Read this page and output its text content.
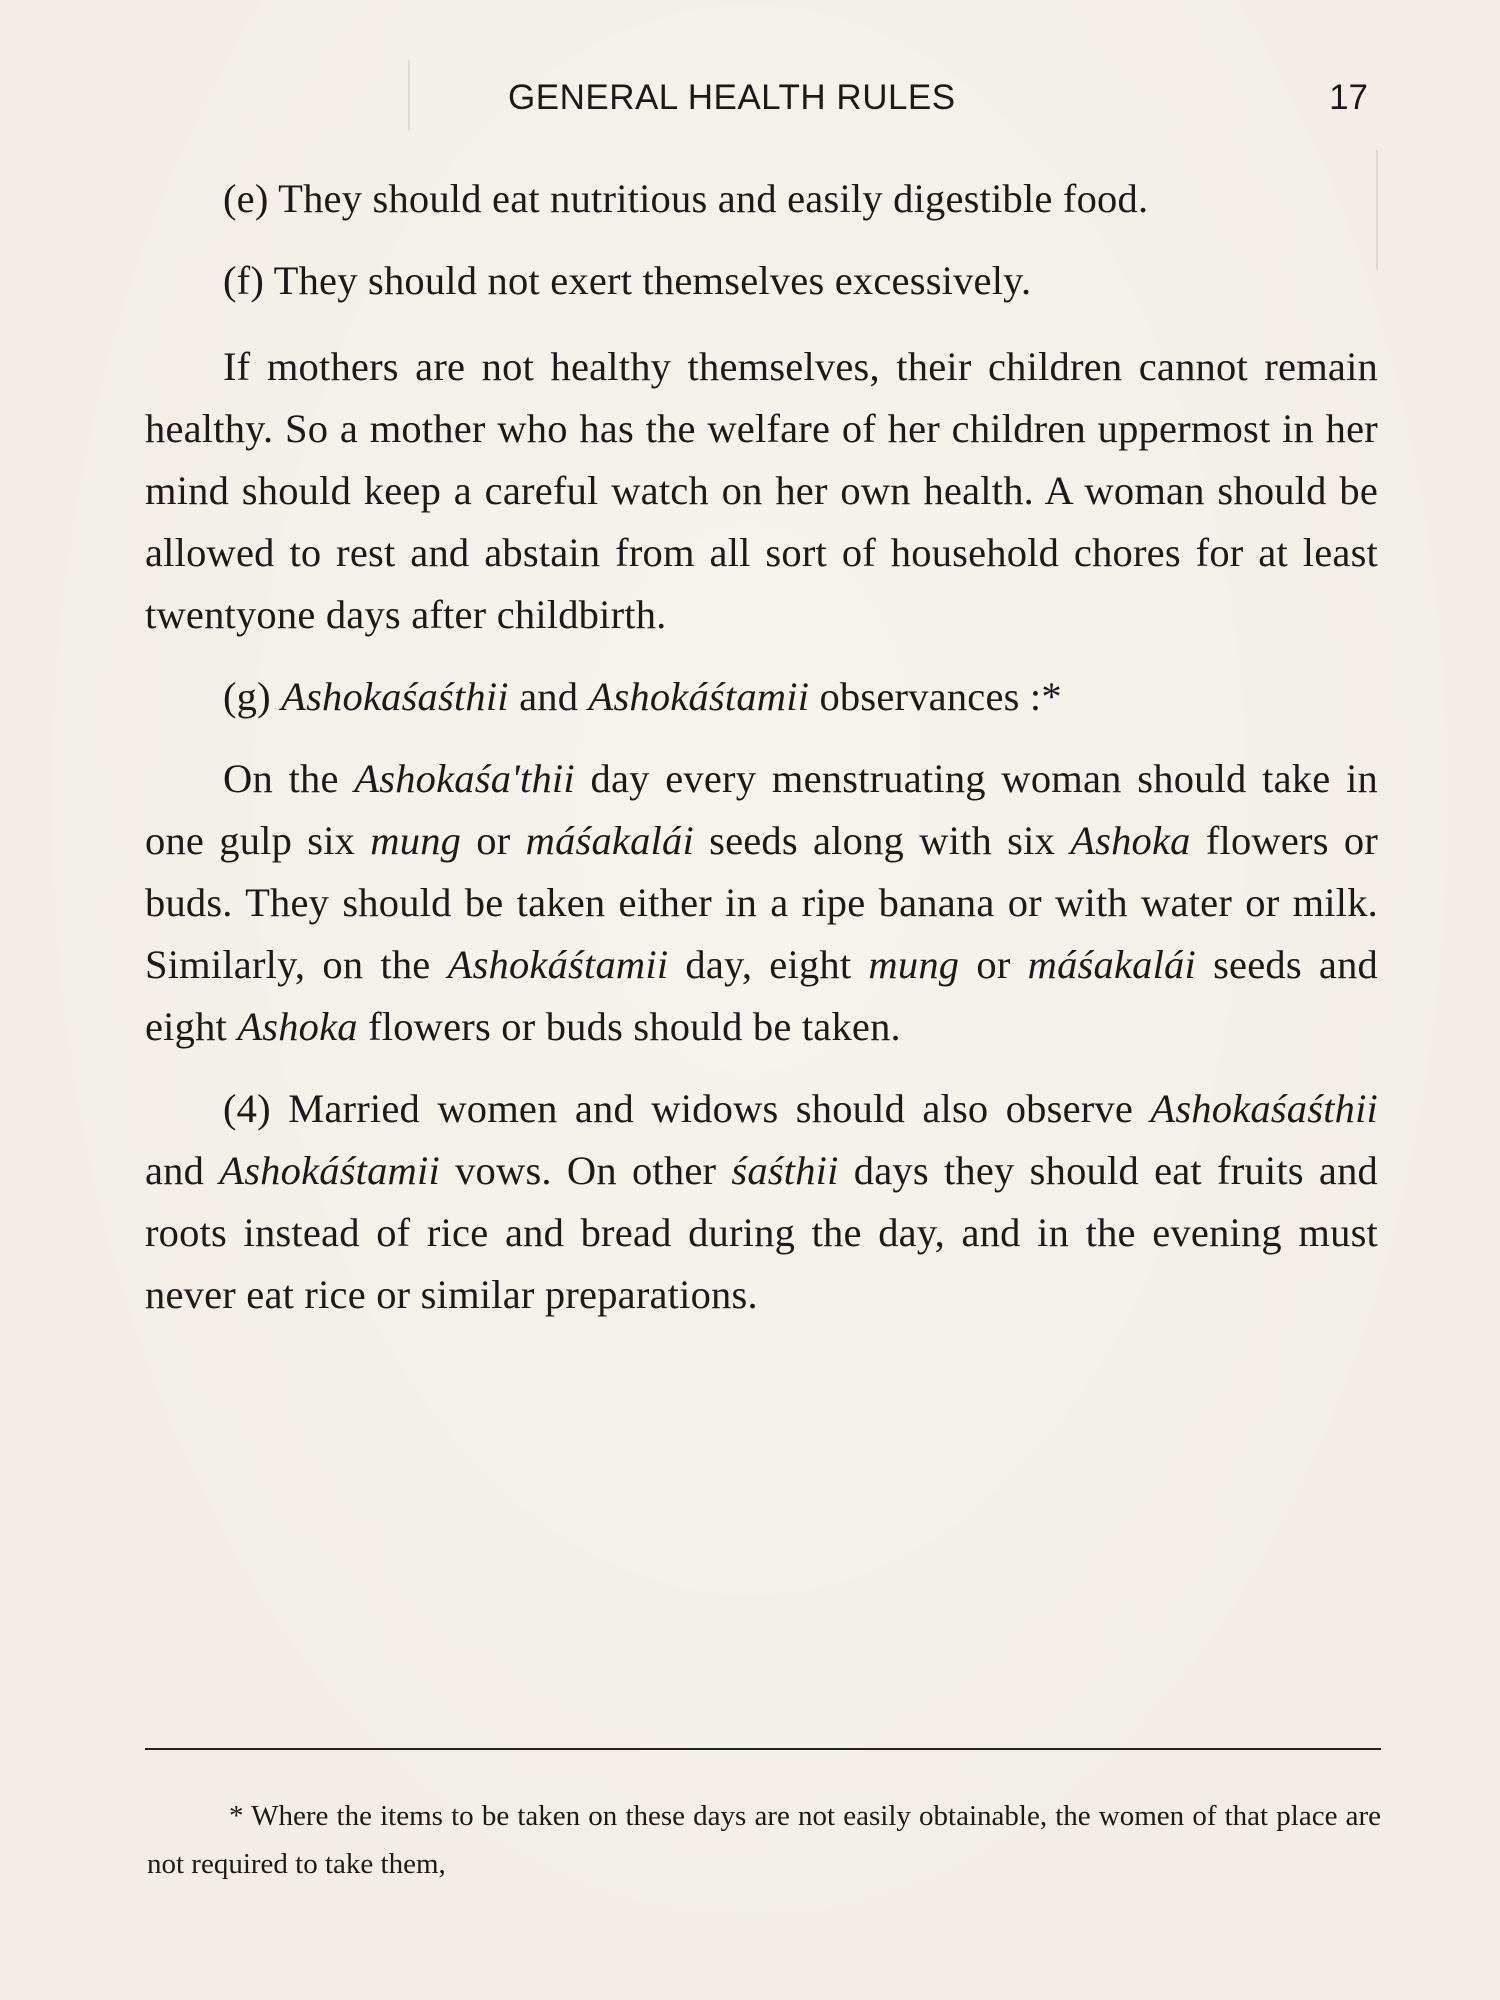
GENERAL HEALTH RULES	17

(e) They should eat nutritious and easily digestible food.

(f) They should not exert themselves excessively.

If mothers are not healthy themselves, their children cannot remain healthy. So a mother who has the welfare of her children uppermost in her mind should keep a careful watch on her own health. A woman should be allowed to rest and abstain from all sort of household chores for at least twentyone days after childbirth.

(g) Ashokaśaśthii and Ashokáśtamii observances :*

On the Ashokaśa'thii day every menstruating woman should take in one gulp six mung or máśakalái seeds along with six Ashoka flowers or buds. They should be taken either in a ripe banana or with water or milk. Similarly, on the Ashokáśtamii day, eight mung or máśakalái seeds and eight Ashoka flowers or buds should be taken.

(4) Married women and widows should also observe Ashokaśaśthii and Ashokáśtamii vows. On other śaśthii days they should eat fruits and roots instead of rice and bread during the day, and in the evening must never eat rice or similar preparations.

* Where the items to be taken on these days are not easily obtainable, the women of that place are not required to take them,
